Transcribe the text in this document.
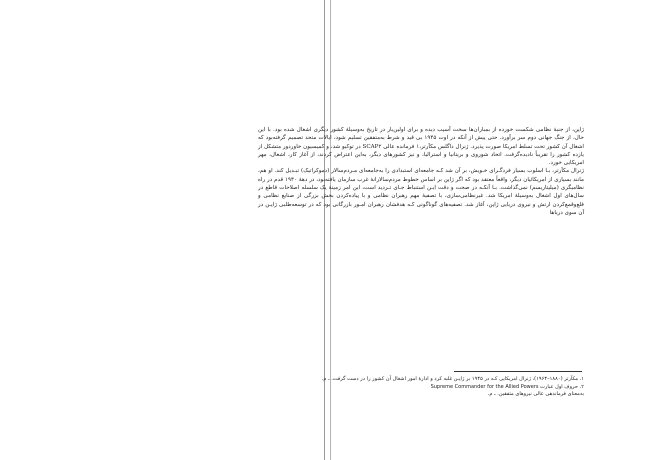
ژاپن، از جنبهٔ نظامی شکست خورده از بمباران‌ها سخت آسیب دیده و برای اولین‌بار در تاریخ به‌وسیلهٔ کشور دیگری اشغال شده بود. با این حال، از جنگ جهانی دوم سر برآورد. حتی پیش از آنکه در اوت ۱۹۴۵ بی قید و شرط به‌متفقین تسلیم شود، ایالات متحد تصمیم گرفته‌بود که اشغال آن کشور تحت تسلط امریکا صورت پذیرد. ژنرال داگلس مکآرتر،۱ فرمانده عالی SCAP۲ در توکیو شد، و کمیسیون خاوردور متشکل از یازده کشور را تقریباً نادیده‌گرفت. اتحاد شوروی و بریتانیا و استرالیا، و نیز کشورهای دیگر، به‌این اعتراض کردند، از آغاز کار، اشغال، مهر امریکایی خورد.

ژنرال مکآرتر، بـا اسلوب بسیار فردگـرای خـویش، بر آن شد کـه جامعه‌ای استبدادی را به‌جامعه‌ای مـردم‌سالار (دموکراتیک) تبـدیل کند. او هم، مانند بسیاری از امریکائیان دیگر، واقعاً معتقد بود که اگر ژاپن بر اساس خطوط مردم‌سالارانهٔ غرب سازمان یافته‌بود، در دههٔ ۱۹۳۰ قدم در راه نظامیگری (میلیتاریسم) نمی‌گذاشت. بـا آنکـه در صحت و دقت ایـن استنباط جـای تـردید است، این امر زمینهٔ یک سلسله اصلاحات قاطع در سال‌های اول اشغال به‌وسیلهٔ امریکا شد. غیرنظامی‌سازی، با تصفیهٔ مهم رهبران نظامی و با پیاده‌کردن بخش بزرگی از صنایع نظامی و قلع‌وقمع‌کردن ارتش و نیروی دریایی ژاپن، آغاز شد. تصفیه‌های گوناگونی کـه هدفشان رهبران امـور بازرگانی بود که در توسعه‌طلبی ژاپـن در آن سوی دریاها

۱. مکآرتر (۱۸۸۰–۱۹۶۴)، ژنرال امریکایی کـه در ۱۹۴۵ بر ژاپـن غلبه کرد و ادارهٔ امور اشغال آن کشور را در دست گرفت. ـ م.

۲. حروف اول عبارت Supreme Commander for the Allied Powers

به‌معنای فرماندهی عالی نیروهای متفقین. ـ م.
